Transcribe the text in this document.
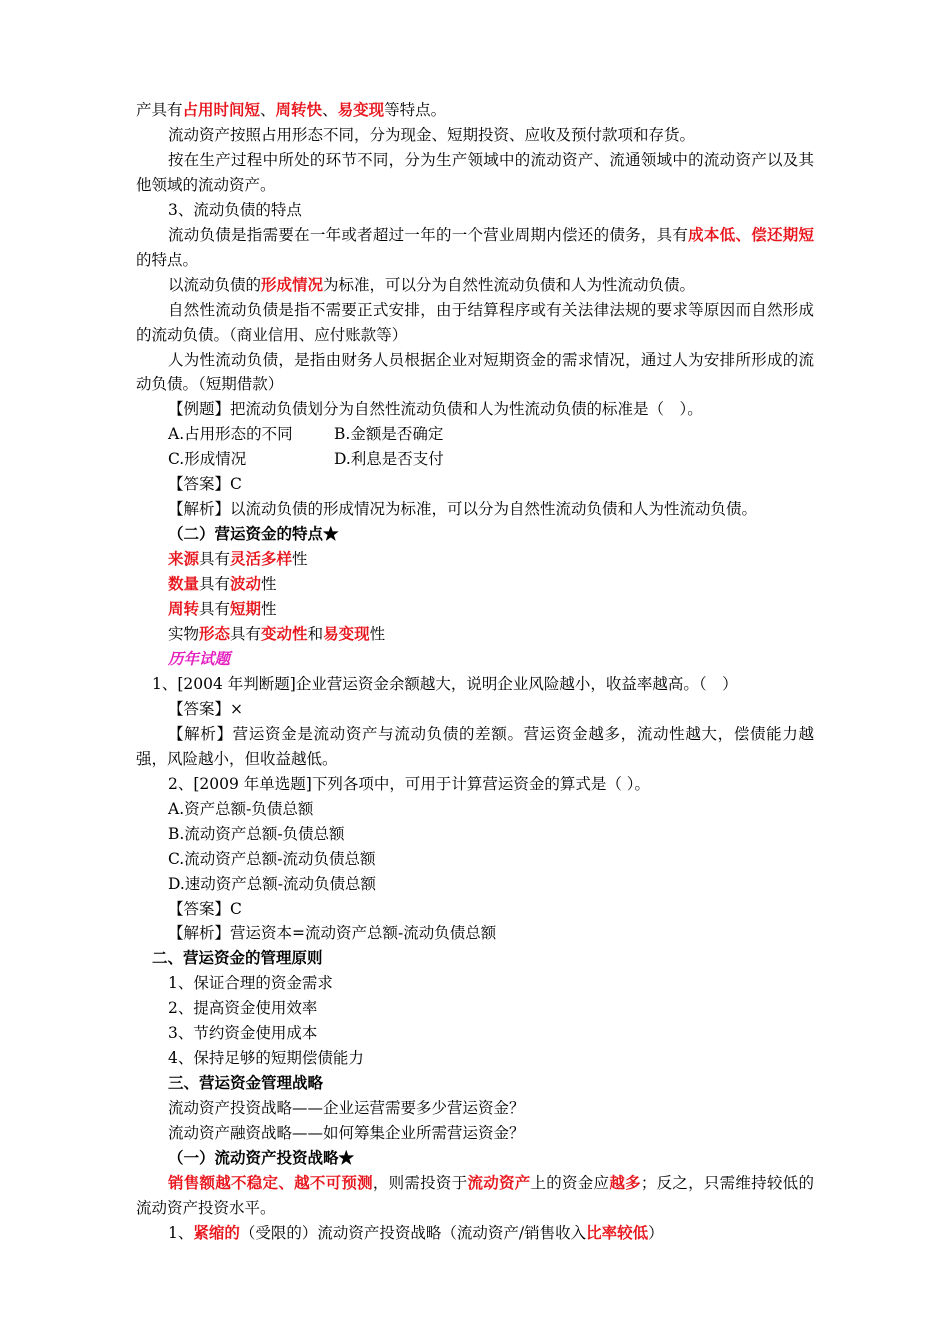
产具有占用时间短、周转快、易变现等特点。

流动资产按照占用形态不同，分为现金、短期投资、应收及预付款项和存货。

按在生产过程中所处的环节不同，分为生产领域中的流动资产、流通领域中的流动资产以及其他领域的流动资产。

3、流动负债的特点

流动负债是指需要在一年或者超过一年的一个营业周期内偿还的债务，具有成本低、偿还期短的特点。

以流动负债的形成情况为标准，可以分为自然性流动负债和人为性流动负债。

自然性流动负债是指不需要正式安排，由于结算程序或有关法律法规的要求等原因而自然形成的流动负债。（商业信用、应付账款等）

人为性流动负债，是指由财务人员根据企业对短期资金的需求情况，通过人为安排所形成的流动负债。（短期借款）

【例题】把流动负债划分为自然性流动负债和人为性流动负债的标准是（　）。

A.占用形态的不同	B.金额是否确定

C.形成情况	D.利息是否支付

【答案】C

【解析】以流动负债的形成情况为标准，可以分为自然性流动负债和人为性流动负债。

（二）营运资金的特点★

来源具有灵活多样性

数量具有波动性

周转具有短期性

实物形态具有变动性和易变现性

历年试题

1、[2004 年判断题]企业营运资金余额越大，说明企业风险越小，收益率越高。（　）

【答案】×

【解析】营运资金是流动资产与流动负债的差额。营运资金越多，流动性越大，偿债能力越强，风险越小，但收益越低。

2、[2009 年单选题]下列各项中，可用于计算营运资金的算式是（ ）。

A.资产总额-负债总额

B.流动资产总额-负债总额

C.流动资产总额-流动负债总额

D.速动资产总额-流动负债总额

【答案】C

【解析】营运资本=流动资产总额-流动负债总额

二、营运资金的管理原则

1、保证合理的资金需求

2、提高资金使用效率

3、节约资金使用成本

4、保持足够的短期偿债能力

三、营运资金管理战略

流动资产投资战略——企业运营需要多少营运资金？

流动资产融资战略——如何筹集企业所需营运资金？

（一）流动资产投资战略★

销售额越不稳定、越不可预测，则需投资于流动资产上的资金应越多；反之，只需维持较低的流动资产投资水平。

1、紧缩的（受限的）流动资产投资战略（流动资产/销售收入比率较低）
